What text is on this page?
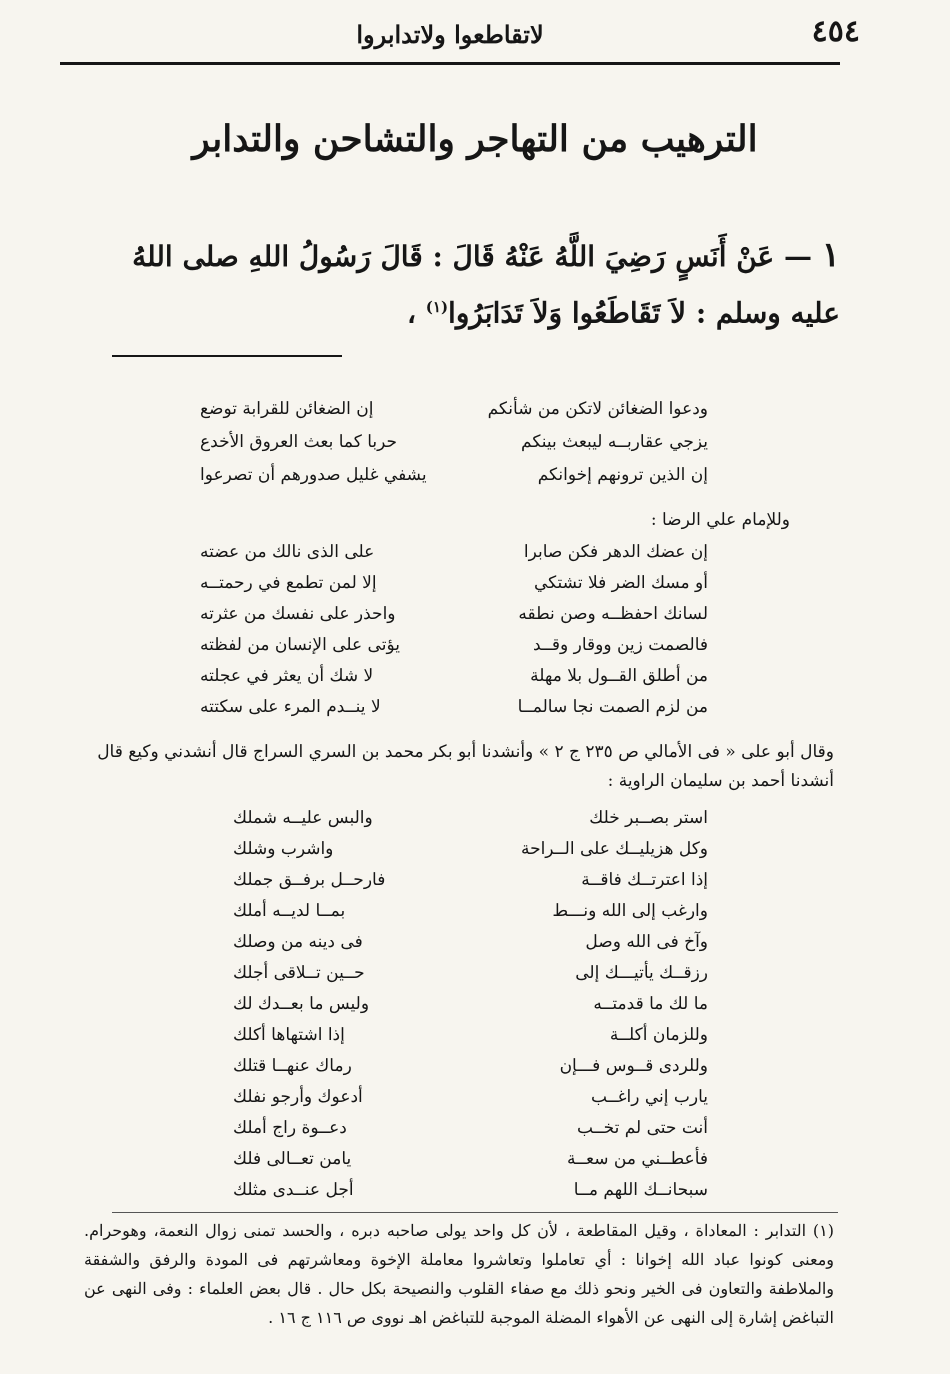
٤٥٤
لاتقاطعوا ولاتدابروا
الترهيب من التهاجر والتشاحن والتدابر
١ — عَنْ أَنَسٍ رَضِيَ اللَّهُ عَنْهُ قَالَ : قَالَ رَسُولُ اللهِ صلى اللهُ عليه وسلم : لاَ تَقَاطَعُوا وَلاَ تَدَابَرُوا$^{(١)}$ ،
ودعوا الضغائن لاتكن من شأنكم
إن الضغائن للقرابة توضع
يزجي عقاربــه ليبعث بينكم
حربا كما بعث العروق الأخدع
إن الذين ترونهم إخوانكم
يشفي غليل صدورهم أن تصرعوا
وللإمام علي الرضا :
إن عضك الدهر فكن صابرا
على الذى نالك من عضته
أو مسك الضر فلا تشتكي
إلا لمن تطمع في رحمتــه
لسانك احفظــه وصن نطقه
واحذر على نفسك من عثرته
فالصمت زين ووقار وقــد
يؤتى على الإنسان من لفظته
من أطلق القــول بلا مهلة
لا شك أن يعثر في عجلته
من لزم الصمت نجا سالمــا
لا ينــدم المرء على سكتته
وقال أبو على « فى الأمالي ص ٢٣٥ ج ٢ » وأنشدنا أبو بكر محمد بن السري السراج قال أنشدني وكيع قال أنشدنا أحمد بن سليمان الراوية :
استر بصــبر خلك
والبس عليــه شملك
وكل هزيليــك على الــراحة
واشرب وشلك
إذا اعترتــك فاقــة
فارحــل برفــق جملك
وارغب إلى الله ونـــط
بمــا لديــه أملك
وآخ فى الله وصل
فى دينه من وصلك
رزقــك يأتيـــك إلى
حــين تــلاقى أجلك
ما لك ما قدمتــه
وليس ما بعــدك لك
وللزمان أكلــة
إذا اشتهاها أكلك
وللردى قــوس فـــإن
رماك عنهــا قتلك
يارب إني راغــب
أدعوك وأرجو نفلك
أنت حتى لم تخــب
دعــوة راج أملك
فأعطــني من سعــة
يامن تعــالى فلك
سبحانــك اللهم مــا
أجل عنــدى مثلك
(١) التدابر : المعاداة ، وقيل المقاطعة ، لأن كل واحد يولى صاحبه دبره ، والحسد تمنى زوال النعمة، وهوحرام. ومعنى كونوا عباد الله إخوانا : أي تعاملوا وتعاشروا معاملة الإخوة ومعاشرتهم فى المودة والرفق والشفقة والملاطفة والتعاون فى الخير ونحو ذلك مع صفاء القلوب والنصيحة بكل حال . قال بعض العلماء : وفى النهى عن التباغض إشارة إلى النهى عن الأهواء المضلة الموجبة للتباغض اهـ نووى ص ١١٦ ج ١٦ .
